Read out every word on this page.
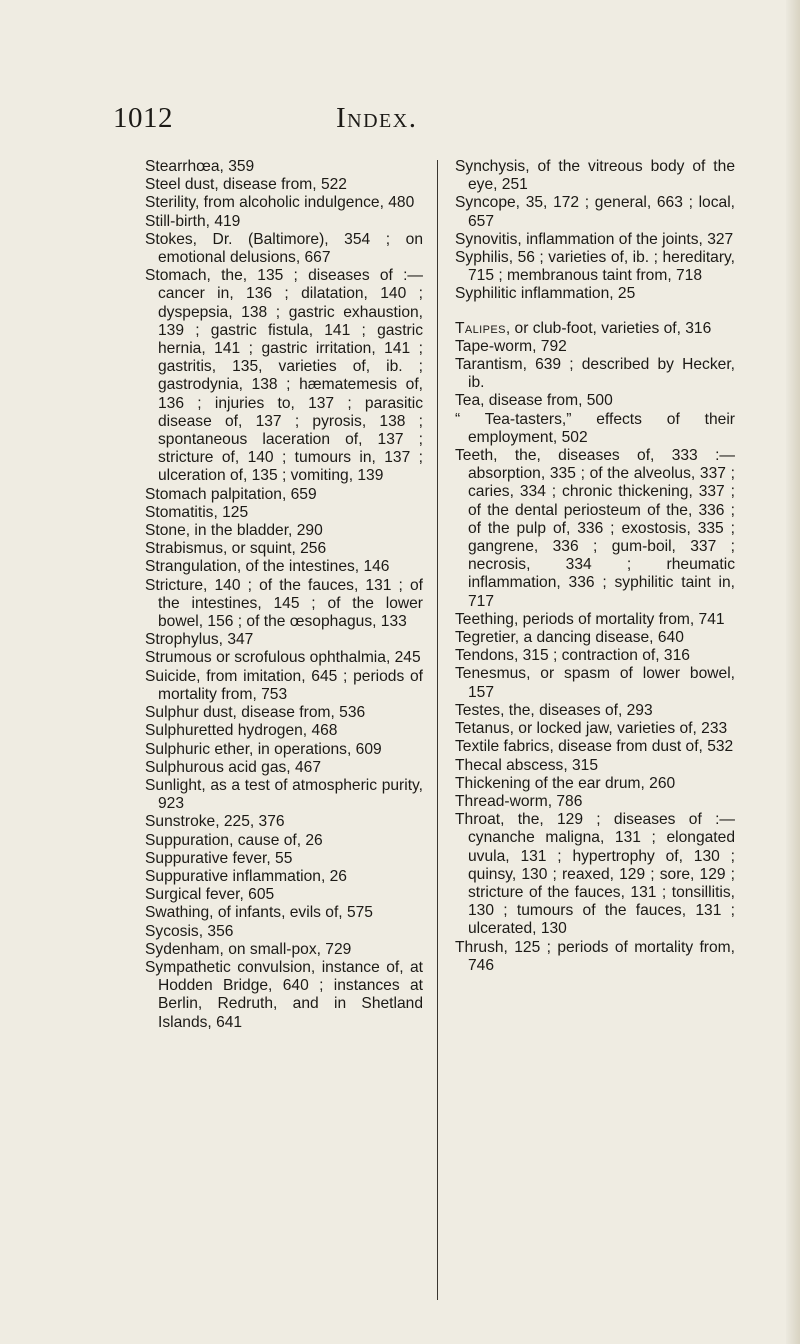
1012	Index.

Stearrhœa, 359

Steel dust, disease from, 522

Sterility, from alcoholic indulgence, 480

Still-birth, 419

Stokes, Dr. (Baltimore), 354 ; on emotional delusions, 667

Stomach, the, 135 ; diseases of :— cancer in, 136 ; dilatation, 140 ; dyspepsia, 138 ; gastric exhaustion, 139 ; gastric fistula, 141 ; gastric hernia, 141 ; gastric irritation, 141 ; gastritis, 135, varieties of, ib. ; gastrodynia, 138 ; hæmatemesis of, 136 ; injuries to, 137 ; parasitic disease of, 137 ; pyrosis, 138 ; spontaneous laceration of, 137 ; stricture of, 140 ; tumours in, 137 ; ulceration of, 135 ; vomiting, 139

Stomach palpitation, 659

Stomatitis, 125

Stone, in the bladder, 290

Strabismus, or squint, 256

Strangulation, of the intestines, 146

Stricture, 140 ; of the fauces, 131 ; of the intestines, 145 ; of the lower bowel, 156 ; of the œsophagus, 133

Strophylus, 347

Strumous or scrofulous ophthalmia, 245

Suicide, from imitation, 645 ; periods of mortality from, 753

Sulphur dust, disease from, 536

Sulphuretted hydrogen, 468

Sulphuric ether, in operations, 609

Sulphurous acid gas, 467

Sunlight, as a test of atmospheric purity, 923

Sunstroke, 225, 376

Suppuration, cause of, 26

Suppurative fever, 55

Suppurative inflammation, 26

Surgical fever, 605

Swathing, of infants, evils of, 575

Sycosis, 356

Sydenham, on small-pox, 729

Sympathetic convulsion, instance of, at Hodden Bridge, 640 ; instances at Berlin, Redruth, and in Shetland Islands, 641

Synchysis, of the vitreous body of the eye, 251

Syncope, 35, 172 ; general, 663 ; local, 657

Synovitis, inflammation of the joints, 327

Syphilis, 56 ; varieties of, ib. ; hereditary, 715 ; membranous taint from, 718

Syphilitic inflammation, 25

Talipes, or club-foot, varieties of, 316

Tape-worm, 792

Tarantism, 639 ; described by Hecker, ib.

Tea, disease from, 500

“ Tea-tasters,” effects of their employment, 502

Teeth, the, diseases of, 333 :—absorption, 335 ; of the alveolus, 337 ; caries, 334 ; chronic thickening, 337 ; of the dental periosteum of the, 336 ; of the pulp of, 336 ; exostosis, 335 ; gangrene, 336 ; gum-boil, 337 ; necrosis, 334 ; rheumatic inflammation, 336 ; syphilitic taint in, 717

Teething, periods of mortality from, 741

Tegretier, a dancing disease, 640

Tendons, 315 ; contraction of, 316

Tenesmus, or spasm of lower bowel, 157

Testes, the, diseases of, 293

Tetanus, or locked jaw, varieties of, 233

Textile fabrics, disease from dust of, 532

Thecal abscess, 315

Thickening of the ear drum, 260

Thread-worm, 786

Throat, the, 129 ; diseases of :— cynanche maligna, 131 ; elongated uvula, 131 ; hypertrophy of, 130 ; quinsy, 130 ; reaxed, 129 ; sore, 129 ; stricture of the fauces, 131 ; tonsillitis, 130 ; tumours of the fauces, 131 ; ulcerated, 130

Thrush, 125 ; periods of mortality from, 746
